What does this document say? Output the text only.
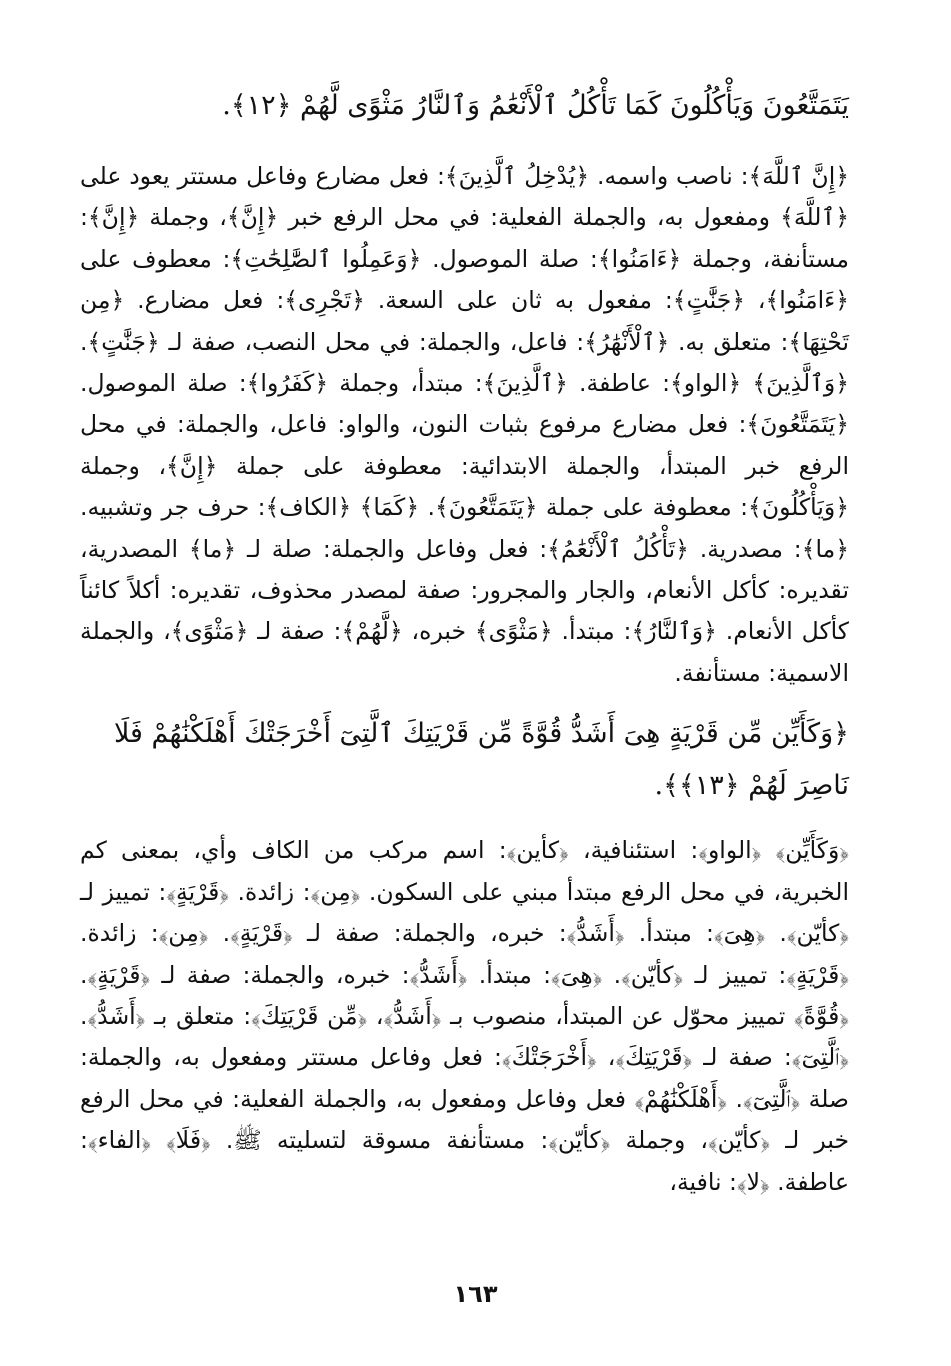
يَتَمَتَّعُونَ وَيَأْكُلُونَ كَمَا تَأْكُلُ ٱلْأَنْعَٰمُ وَٱلنَّارُ مَثْوًى لَّهُمْ ﴿١٢﴾.

﴿إِنَّ ٱللَّهَ﴾: ناصب واسمه. ﴿يُدْخِلُ ٱلَّذِينَ﴾: فعل مضارع وفاعل مستتر يعود على ﴿ٱللَّهَ﴾ ومفعول به، والجملة الفعلية: في محل الرفع خبر ﴿إِنَّ﴾، وجملة ﴿إِنَّ﴾: مستأنفة، وجملة ﴿ءَامَنُوا﴾: صلة الموصول. ﴿وَعَمِلُوا ٱلصَّٰلِحَٰتِ﴾: معطوف على ﴿ءَامَنُوا﴾، ﴿جَنَّٰتٍ﴾: مفعول به ثان على السعة. ﴿تَجْرِى﴾: فعل مضارع. ﴿مِن تَحْتِهَا﴾: متعلق به. ﴿ٱلْأَنْهَٰرُ﴾: فاعل، والجملة: في محل النصب، صفة لـ ﴿جَنَّٰتٍ﴾. ﴿وَٱلَّذِينَ﴾ ﴿الواو﴾: عاطفة. ﴿ٱلَّذِينَ﴾: مبتدأ، وجملة ﴿كَفَرُوا﴾: صلة الموصول. ﴿يَتَمَتَّعُونَ﴾: فعل مضارع مرفوع بثبات النون، والواو: فاعل، والجملة: في محل الرفع خبر المبتدأ، والجملة الابتدائية: معطوفة على جملة ﴿إِنَّ﴾، وجملة ﴿وَيَأْكُلُونَ﴾: معطوفة على جملة ﴿يَتَمَتَّعُونَ﴾. ﴿كَمَا﴾ ﴿الكاف﴾: حرف جر وتشبيه. ﴿ما﴾: مصدرية. ﴿تَأْكُلُ ٱلْأَنْعَٰمُ﴾: فعل وفاعل والجملة: صلة لـ ﴿ما﴾ المصدرية، تقديره: كأكل الأنعام، والجار والمجرور: صفة لمصدر محذوف، تقديره: أكلاً كائناً كأكل الأنعام. ﴿وَٱلنَّارُ﴾: مبتدأ. ﴿مَثْوًى﴾ خبره، ﴿لَّهُمْ﴾: صفة لـ ﴿مَثْوًى﴾، والجملة الاسمية: مستأنفة.

﴿وَكَأَيِّن مِّن قَرْيَةٍ هِىَ أَشَدُّ قُوَّةً مِّن قَرْيَتِكَ ٱلَّتِىٓ أَخْرَجَتْكَ أَهْلَكْنَٰهُمْ فَلَا نَاصِرَ لَهُمْ ﴿١٣﴾﴾.

﴿وَكَأَيِّن﴾ ﴿الواو﴾: استئنافية، ﴿كأين﴾: اسم مركب من الكاف وأي، بمعنى كم الخبرية، في محل الرفع مبتدأ مبني على السكون. ﴿مِن﴾: زائدة. ﴿قَرْيَةٍ﴾: تمييز لـ ﴿كأيّن﴾. ﴿هِىَ﴾: مبتدأ. ﴿أَشَدُّ﴾: خبره، والجملة: صفة لـ ﴿قَرْيَةٍ﴾. ﴿مِن﴾: زائدة. ﴿قَرْيَةٍ﴾: تمييز لـ ﴿كأيّن﴾. ﴿هِىَ﴾: مبتدأ. ﴿أَشَدُّ﴾: خبره، والجملة: صفة لـ ﴿قَرْيَةٍ﴾. ﴿قُوَّةً﴾ تمييز محوّل عن المبتدأ، منصوب بـ ﴿أَشَدُّ﴾، ﴿مِّن قَرْيَتِكَ﴾: متعلق بـ ﴿أَشَدُّ﴾. ﴿ٱلَّتِىٓ﴾: صفة لـ ﴿قَرْيَتِكَ﴾، ﴿أَخْرَجَتْكَ﴾: فعل وفاعل مستتر ومفعول به، والجملة: صلة ﴿ٱلَّتِىٓ﴾. ﴿أَهْلَكْنَٰهُمْ﴾ فعل وفاعل ومفعول به، والجملة الفعلية: في محل الرفع خبر لـ ﴿كأيّن﴾، وجملة ﴿كأيّن﴾: مستأنفة مسوقة لتسليته ﷺ. ﴿فَلَا﴾ ﴿الفاء﴾: عاطفة. ﴿لا﴾: نافية،

١٦٣
